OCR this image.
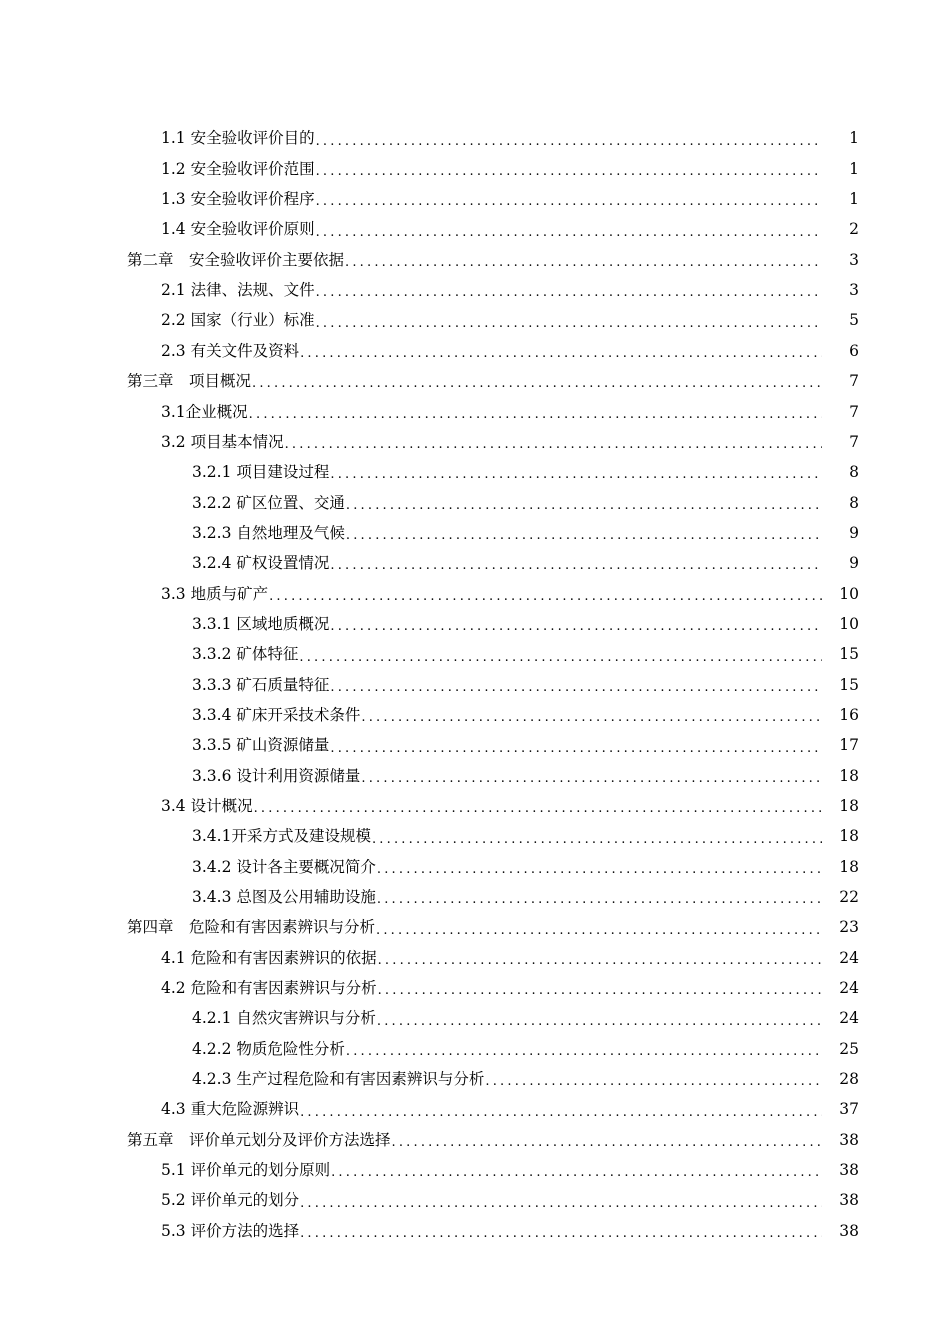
1.1 安全验收评价目的 .....	1
1.2 安全验收评价范围 .....	1
1.3 安全验收评价程序 .....	1
1.4 安全验收评价原则 .....	2
第二章　安全验收评价主要依据 .....	3
2.1 法律、法规、文件 .....	3
2.2 国家（行业）标准 .....	5
2.3 有关文件及资料 .....	6
第三章　项目概况 .....	7
3.1企业概况 .....	7
3.2 项目基本情况 .....	7
3.2.1 项目建设过程 .....	8
3.2.2 矿区位置、交通 .....	8
3.2.3 自然地理及气候 .....	9
3.2.4 矿权设置情况 .....	9
3.3 地质与矿产 .....	10
3.3.1 区域地质概况 .....	10
3.3.2 矿体特征 .....	15
3.3.3 矿石质量特征 .....	15
3.3.4 矿床开采技术条件 .....	16
3.3.5 矿山资源储量 .....	17
3.3.6 设计利用资源储量 .....	18
3.4 设计概况 .....	18
3.4.1开采方式及建设规模 .....	18
3.4.2 设计各主要概况简介 .....	18
3.4.3 总图及公用辅助设施 .....	22
第四章　危险和有害因素辨识与分析 .....	23
4.1 危险和有害因素辨识的依据 .....	24
4.2 危险和有害因素辨识与分析 .....	24
4.2.1 自然灾害辨识与分析 .....	24
4.2.2 物质危险性分析 .....	25
4.2.3 生产过程危险和有害因素辨识与分析 .....	28
4.3 重大危险源辨识 .....	37
第五章　评价单元划分及评价方法选择 .....	38
5.1 评价单元的划分原则 .....	38
5.2 评价单元的划分 .....	38
5.3 评价方法的选择 .....	38
